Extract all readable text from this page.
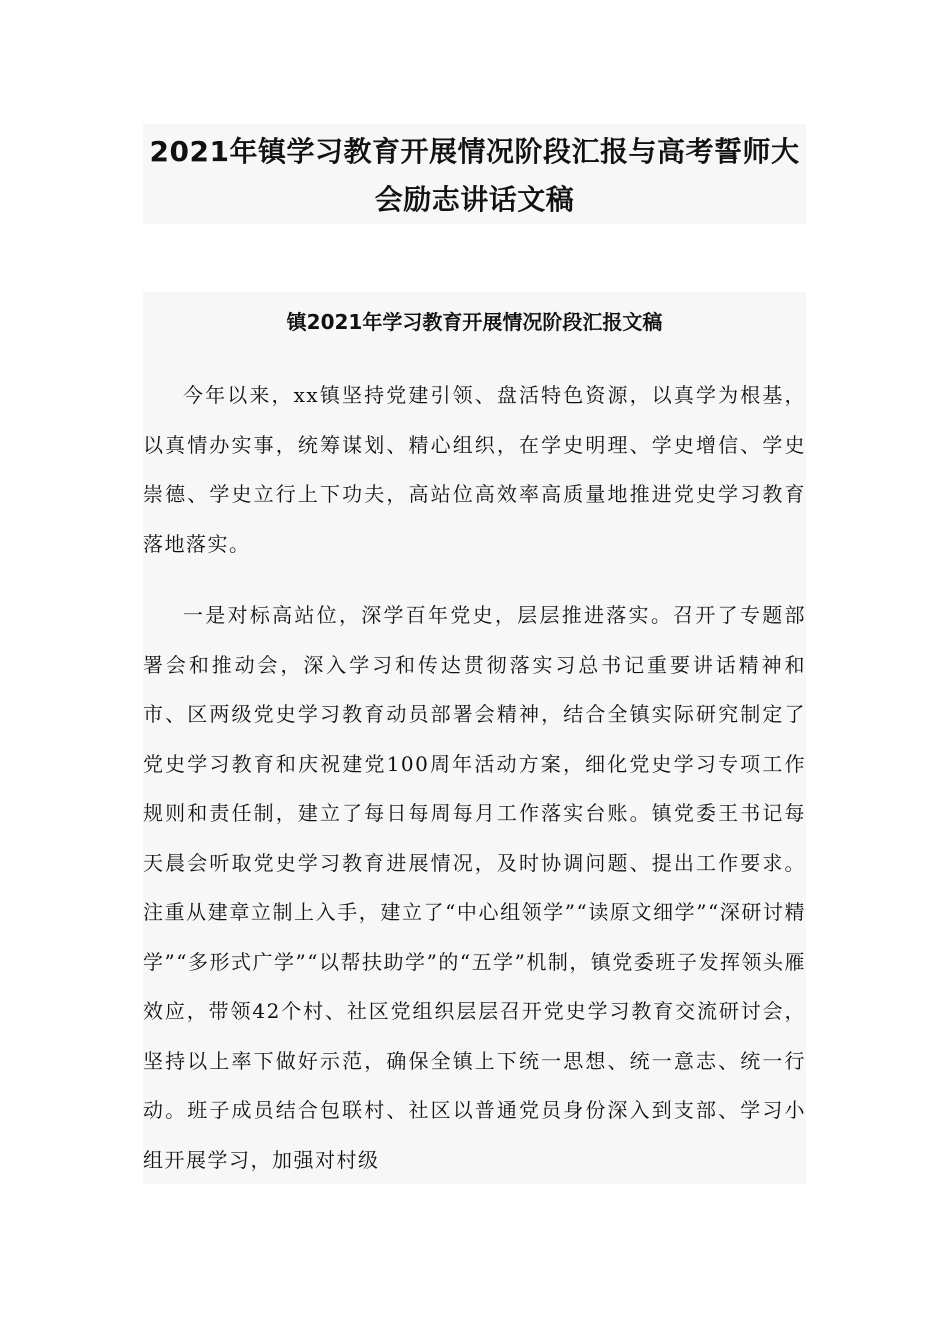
2021年镇学习教育开展情况阶段汇报与高考誓师大会励志讲话文稿
镇2021年学习教育开展情况阶段汇报文稿

今年以来，xx镇坚持党建引领、盘活特色资源，以真学为根基，以真情办实事，统筹谋划、精心组织，在学史明理、学史增信、学史崇德、学史立行上下功夫，高站位高效率高质量地推进党史学习教育落地落实。

一是对标高站位，深学百年党史，层层推进落实。召开了专题部署会和推动会，深入学习和传达贯彻落实习总书记重要讲话精神和市、区两级党史学习教育动员部署会精神，结合全镇实际研究制定了党史学习教育和庆祝建党100周年活动方案，细化党史学习专项工作规则和责任制，建立了每日每周每月工作落实台账。镇党委王书记每天晨会听取党史学习教育进展情况，及时协调问题、提出工作要求。注重从建章立制上入手，建立了“中心组领学”“读原文细学”“深研讨精学”“多形式广学”“以帮扶助学”的“五学”机制，镇党委班子发挥领头雁效应，带领42个村、社区党组织层层召开党史学习教育交流研讨会，坚持以上率下做好示范，确保全镇上下统一思想、统一意志、统一行动。班子成员结合包联村、社区以普通党员身份深入到支部、学习小组开展学习，加强对村级
